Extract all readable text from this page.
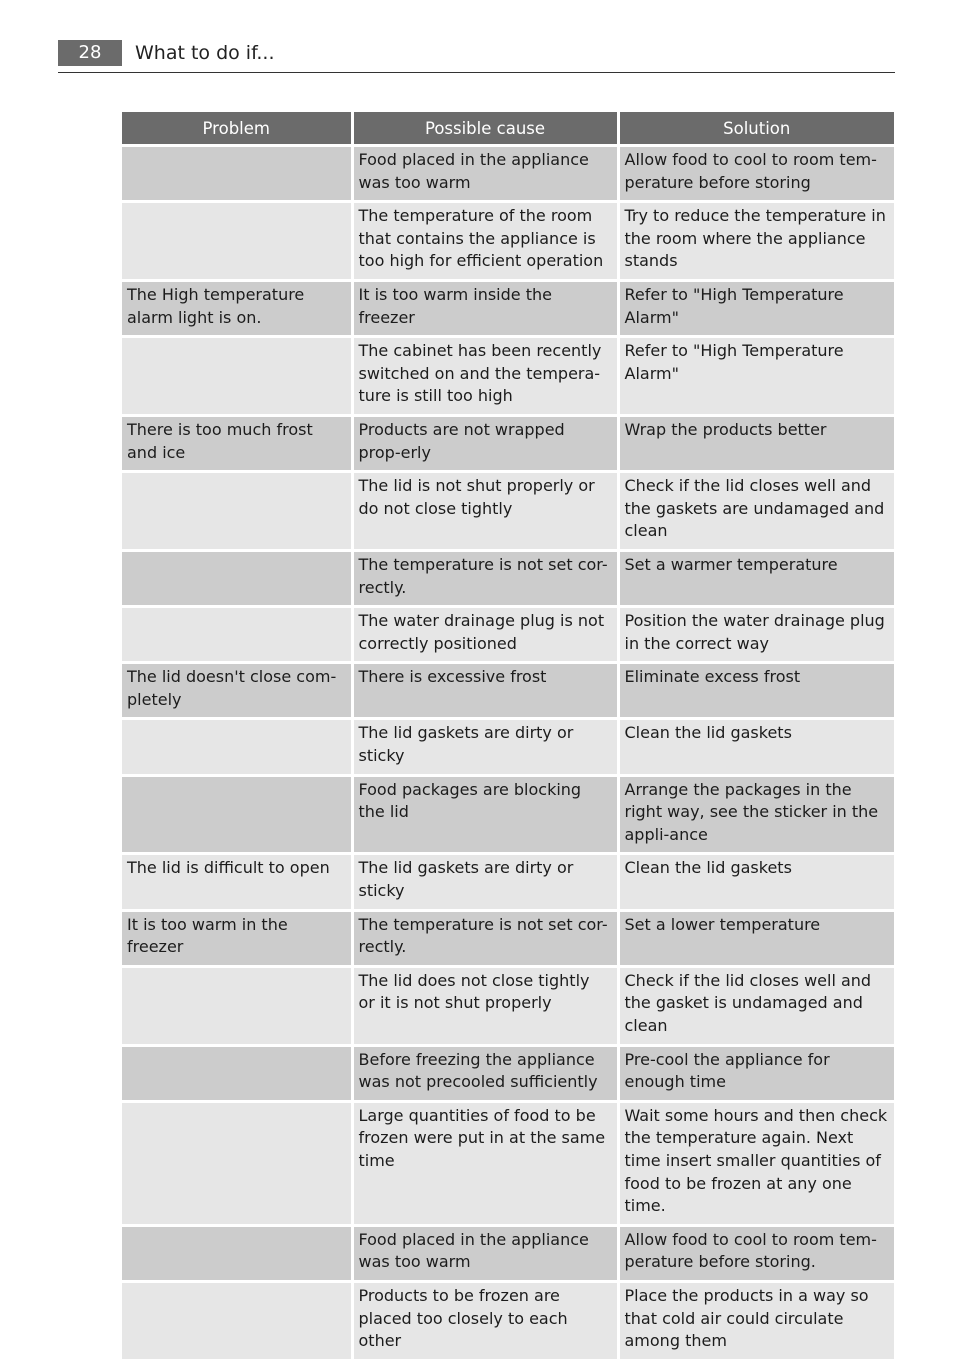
28	What to do if...
Problem	Possible cause	Solution
	Food placed in the appliance was too warm	Allow food to cool to room tem-perature before storing
	The temperature of the room that contains the appliance is too high for efficient operation	Try to reduce the temperature in the room where the appliance stands
The High temperature alarm light is on.	It is too warm inside the freezer	Refer to "High Temperature Alarm"
	The cabinet has been recently switched on and the tempera-ture is still too high	Refer to "High Temperature Alarm"
There is too much frost and ice	Products are not wrapped prop-erly	Wrap the products better
	The lid is not shut properly or do not close tightly	Check if the lid closes well and the gaskets are undamaged and clean
	The temperature is not set cor-rectly.	Set a warmer temperature
	The water drainage plug is not correctly positioned	Position the water drainage plug in the correct way
The lid doesn't close com-pletely	There is excessive frost	Eliminate excess frost
	The lid gaskets are dirty or sticky	Clean the lid gaskets
	Food packages are blocking the lid	Arrange the packages in the right way, see the sticker in the appli-ance
The lid is difficult to open	The lid gaskets are dirty or sticky	Clean the lid gaskets
It is too warm in the freezer	The temperature is not set cor-rectly.	Set a lower temperature
	The lid does not close tightly or it is not shut properly	Check if the lid closes well and the gasket is undamaged and clean
	Before freezing the appliance was not precooled sufficiently	Pre-cool the appliance for enough time
	Large quantities of food to be frozen were put in at the same time	Wait some hours and then check the temperature again. Next time insert smaller quantities of food to be frozen at any one time.
	Food placed in the appliance was too warm	Allow food to cool to room tem-perature before storing.
	Products to be frozen are placed too closely to each other	Place the products in a way so that cold air could circulate among them
